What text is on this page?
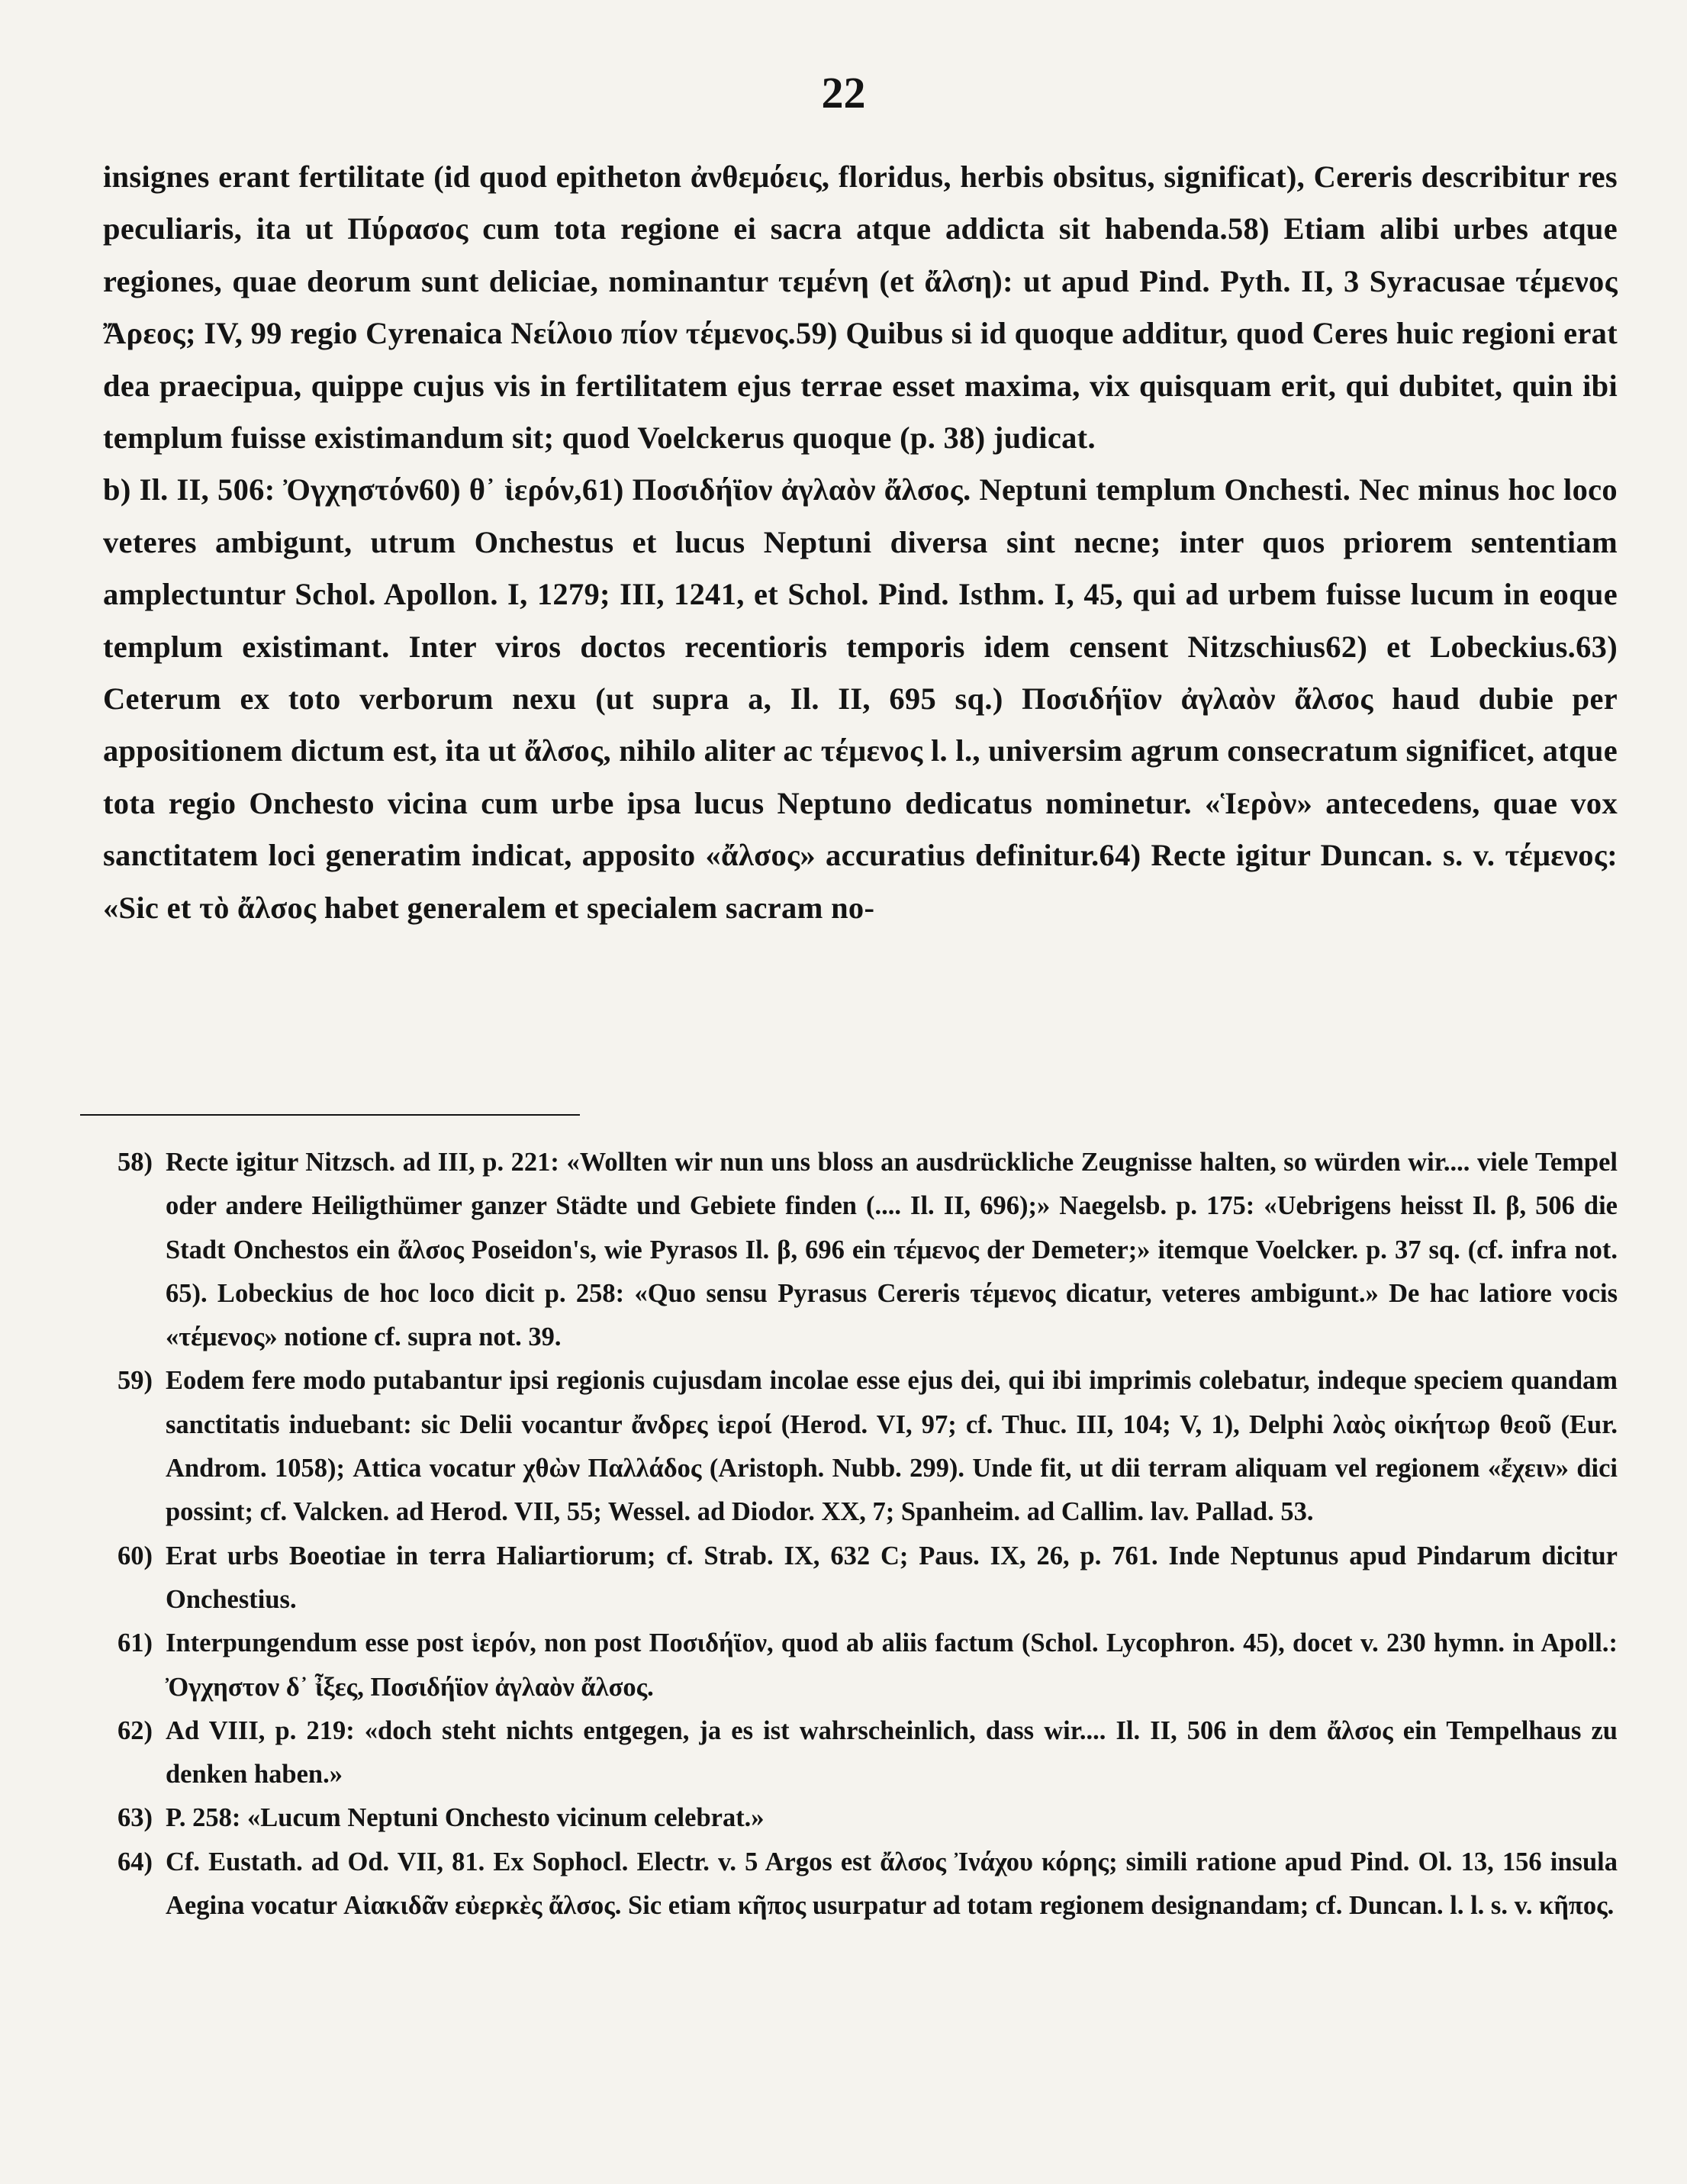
22

insignes erant fertilitate (id quod epitheton ἀνθεμόεις, floridus, herbis obsitus, significat), Cereris describitur res peculiaris, ita ut Πύρασος cum tota regione ei sacra atque addicta sit habenda.58) Etiam alibi urbes atque regiones, quae deorum sunt deliciae, nominantur τεμένη (et ἄλση): ut apud Pind. Pyth. II, 3 Syracusae τέμενος Ἄρεος; IV, 99 regio Cyrenaica Νείλοιο πίον τέμενος.59) Quibus si id quoque additur, quod Ceres huic regioni erat dea praecipua, quippe cujus vis in fertilitatem ejus terrae esset maxima, vix quisquam erit, qui dubitet, quin ibi templum fuisse existimandum sit; quod Voelckerus quoque (p. 38) judicat.

b) Il. II, 506: Ὀγχηστόν60) θ᾽ ἱερόν,61) Ποσιδήϊον ἀγλαὸν ἄλσος. Neptuni templum Onchesti. Nec minus hoc loco veteres ambigunt, utrum Onchestus et lucus Neptuni diversa sint necne; inter quos priorem sententiam amplectuntur Schol. Apollon. I, 1279; III, 1241, et Schol. Pind. Isthm. I, 45, qui ad urbem fuisse lucum in eoque templum existimant. Inter viros doctos recentioris temporis idem censent Nitzschius62) et Lobeckius.63) Ceterum ex toto verborum nexu (ut supra a, Il. II, 695 sq.) Ποσιδήϊον ἀγλαὸν ἄλσος haud dubie per appositionem dictum est, ita ut ἄλσος, nihilo aliter ac τέμενος l. l., universim agrum consecratum significet, atque tota regio Onchesto vicina cum urbe ipsa lucus Neptuno dedicatus nominetur. «Ἱερὸν» antecedens, quae vox sanctitatem loci generatim indicat, apposito «ἄλσος» accuratius definitur.64) Recte igitur Duncan. s. v. τέμενος: «Sic et τὸ ἄλσος habet generalem et specialem sacram no-

58) Recte igitur Nitzsch. ad III, p. 221: «Wollten wir nun uns bloss an ausdrückliche Zeugnisse halten, so würden wir.... viele Tempel oder andere Heiligthümer ganzer Städte und Gebiete finden (.... Il. II, 696);» Naegelsb. p. 175: «Uebrigens heisst Il. β, 506 die Stadt Onchestos ein ἄλσος Poseidon's, wie Pyrasos Il. β, 696 ein τέμενος der Demeter;» itemque Voelcker. p. 37 sq. (cf. infra not. 65). Lobeckius de hoc loco dicit p. 258: «Quo sensu Pyrasus Cereris τέμενος dicatur, veteres ambigunt.» De hac latiore vocis «τέμενος» notione cf. supra not. 39.

59) Eodem fere modo putabantur ipsi regionis cujusdam incolae esse ejus dei, qui ibi imprimis colebatur, indeque speciem quandam sanctitatis induebant: sic Delii vocantur ἄνδρες ἱεροί (Herod. VI, 97; cf. Thuc. III, 104; V, 1), Delphi λαὸς οἰκήτωρ θεοῦ (Eur. Androm. 1058); Attica vocatur χθὼν Παλλάδος (Aristoph. Nubb. 299). Unde fit, ut dii terram aliquam vel regionem «ἔχειν» dici possint; cf. Valcken. ad Herod. VII, 55; Wessel. ad Diodor. XX, 7; Spanheim. ad Callim. lav. Pallad. 53.

60) Erat urbs Boeotiae in terra Haliartiorum; cf. Strab. IX, 632 C; Paus. IX, 26, p. 761. Inde Neptunus apud Pindarum dicitur Onchestius.

61) Interpungendum esse post ἱερόν, non post Ποσιδήϊον, quod ab aliis factum (Schol. Lycophron. 45), docet v. 230 hymn. in Apoll.: Ὀγχηστον δ᾽ ἶξες, Ποσιδήϊον ἀγλαὸν ἄλσος.

62) Ad VIII, p. 219: «doch steht nichts entgegen, ja es ist wahrscheinlich, dass wir.... Il. II, 506 in dem ἄλσος ein Tempelhaus zu denken haben.»

63) P. 258: «Lucum Neptuni Onchesto vicinum celebrat.»

64) Cf. Eustath. ad Od. VII, 81. Ex Sophocl. Electr. v. 5 Argos est ἄλσος Ἰνάχου κόρης; simili ratione apud Pind. Ol. 13, 156 insula Aegina vocatur Αἰακιδᾶν εὐερκὲς ἄλσος. Sic etiam κῆπος usurpatur ad totam regionem designandam; cf. Duncan. l. l. s. v. κῆπος.
